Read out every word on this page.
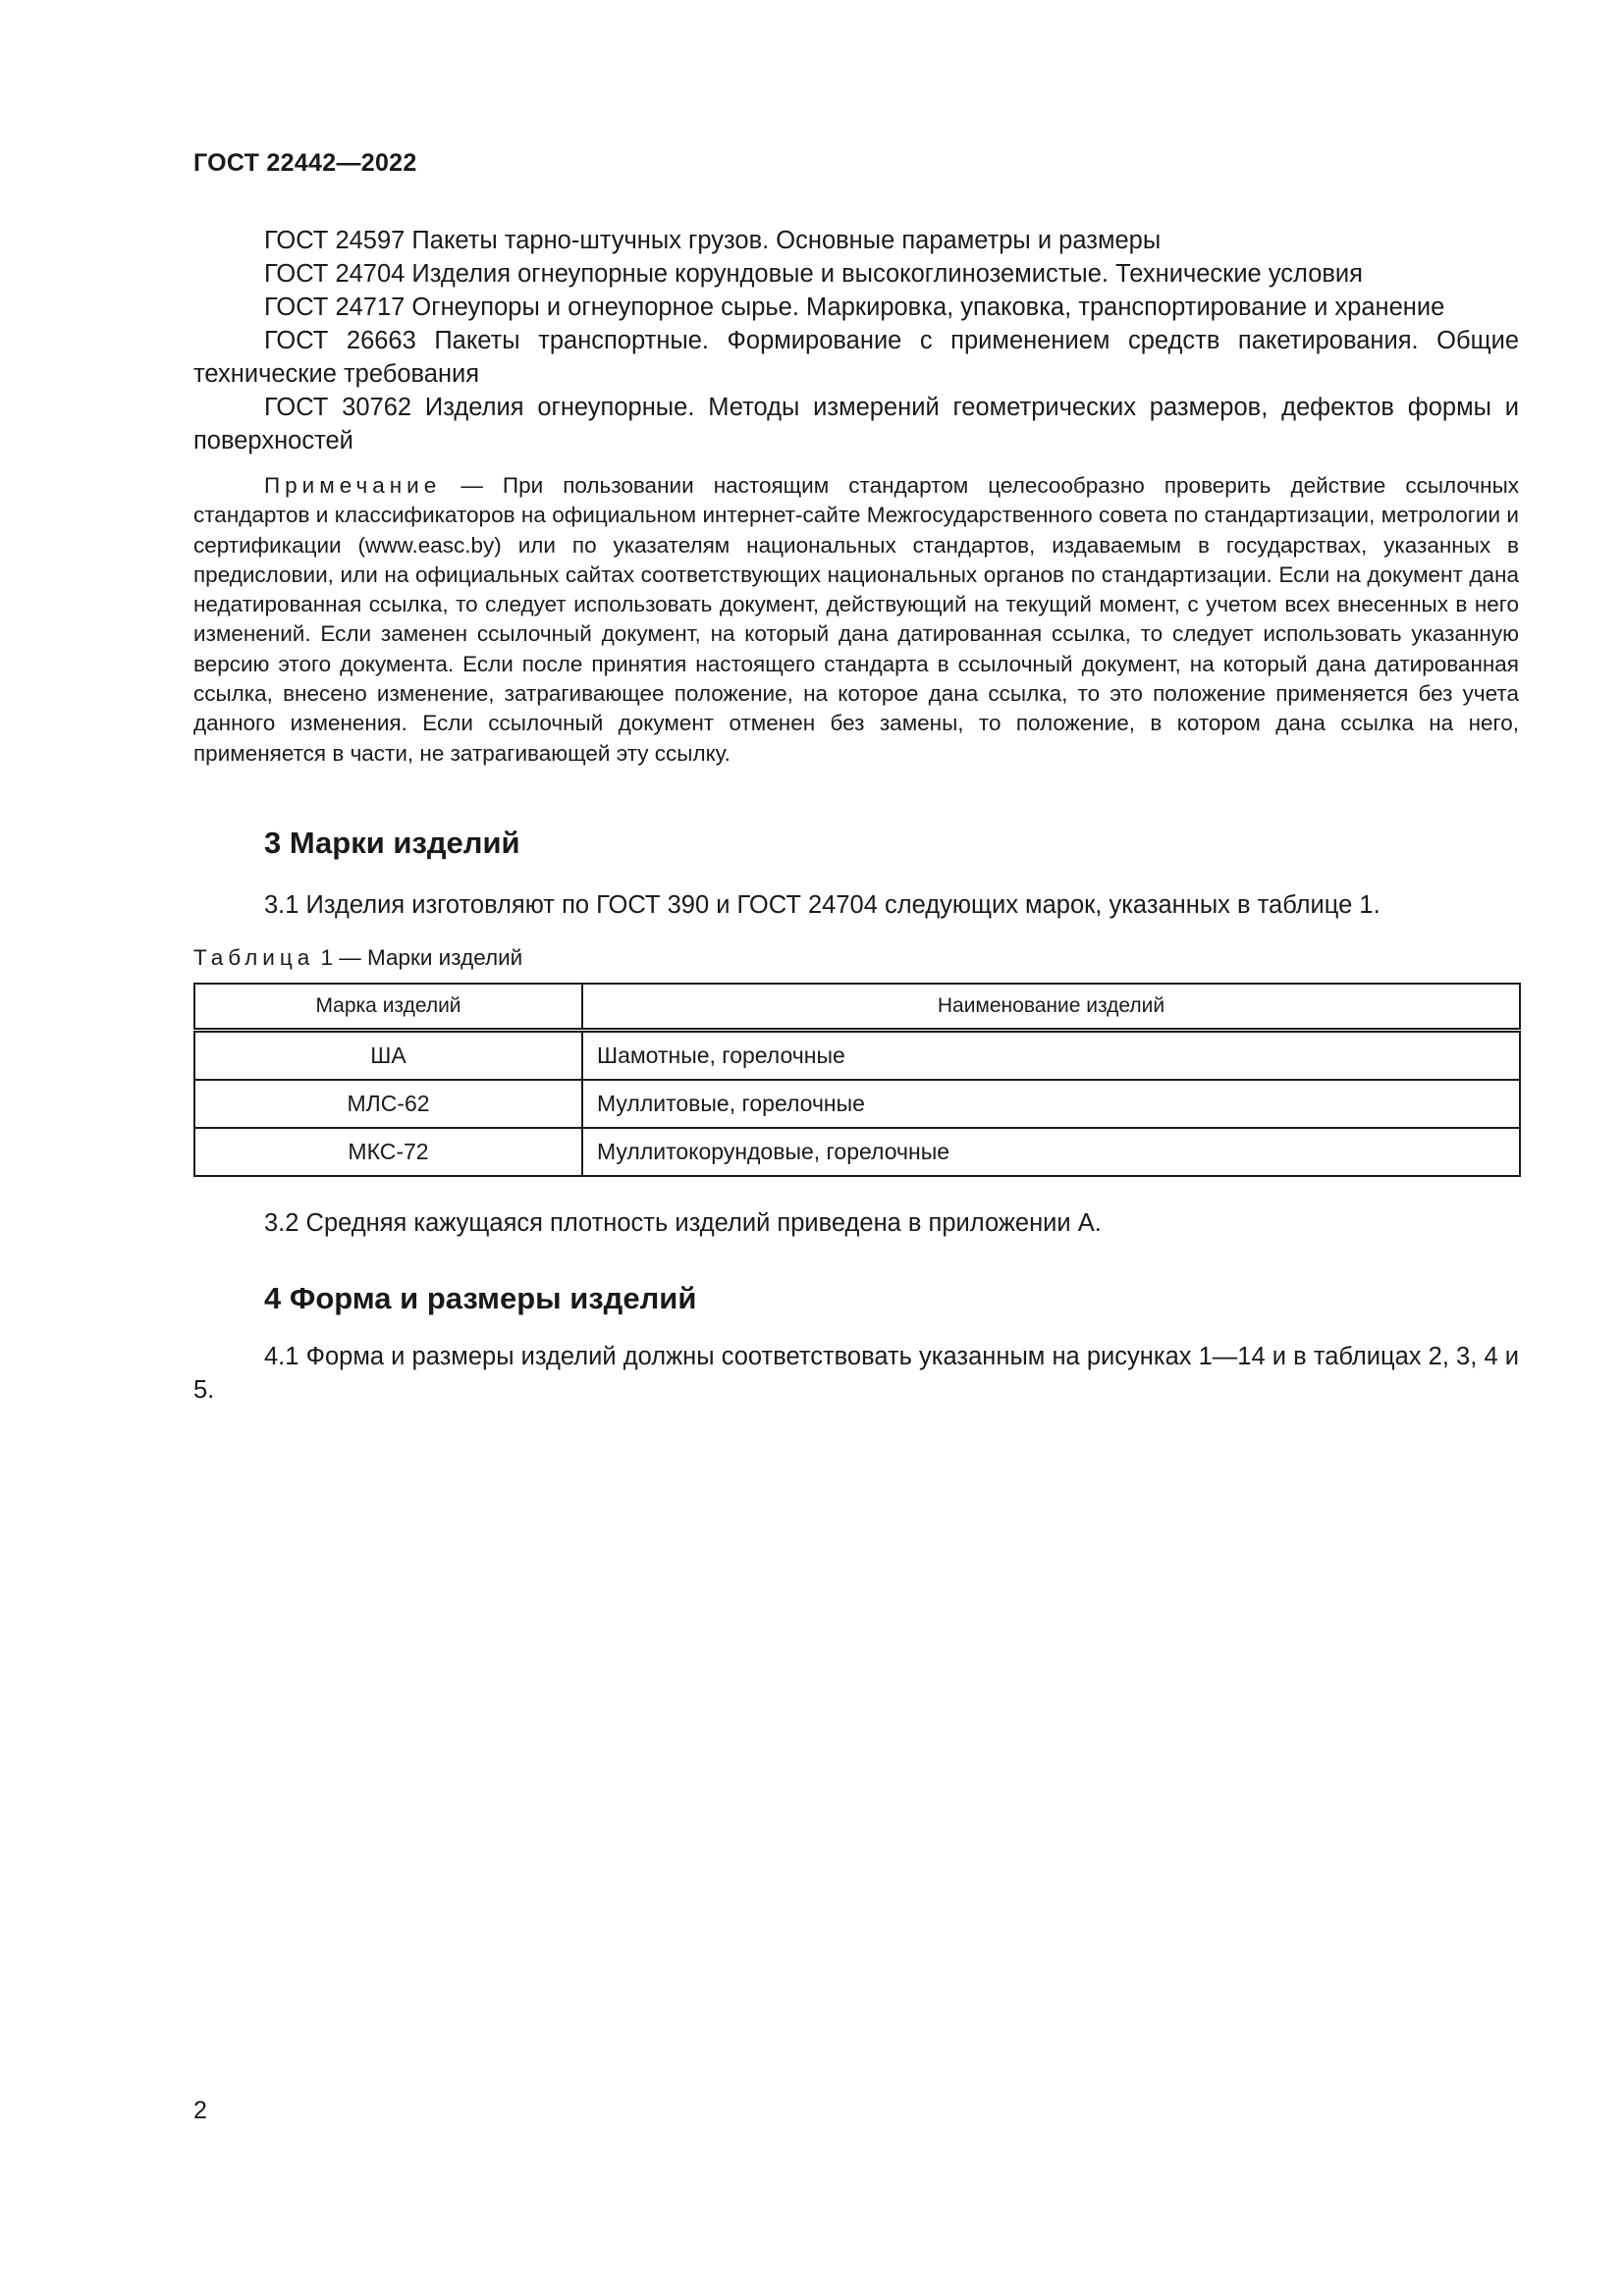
ГОСТ 22442—2022

ГОСТ 24597 Пакеты тарно-штучных грузов. Основные параметры и размеры

ГОСТ 24704 Изделия огнеупорные корундовые и высокоглиноземистые. Технические условия

ГОСТ 24717 Огнеупоры и огнеупорное сырье. Маркировка, упаковка, транспортирование и хранение

ГОСТ 26663 Пакеты транспортные. Формирование с применением средств пакетирования. Общие технические требования

ГОСТ 30762 Изделия огнеупорные. Методы измерений геометрических размеров, дефектов формы и поверхностей

Примечание — При пользовании настоящим стандартом целесообразно проверить действие ссылочных стандартов и классификаторов на официальном интернет-сайте Межгосударственного совета по стандартизации, метрологии и сертификации (www.easc.by) или по указателям национальных стандартов, издаваемым в государствах, указанных в предисловии, или на официальных сайтах соответствующих национальных органов по стандартизации. Если на документ дана недатированная ссылка, то следует использовать документ, действующий на текущий момент, с учетом всех внесенных в него изменений. Если заменен ссылочный документ, на который дана датированная ссылка, то следует использовать указанную версию этого документа. Если после принятия настоящего стандарта в ссылочный документ, на который дана датированная ссылка, внесено изменение, затрагивающее положение, на которое дана ссылка, то это положение применяется без учета данного изменения. Если ссылочный документ отменен без замены, то положение, в котором дана ссылка на него, применяется в части, не затрагивающей эту ссылку.
3 Марки изделий

3.1 Изделия изготовляют по ГОСТ 390 и ГОСТ 24704 следующих марок, указанных в таблице 1.

Таблица 1 — Марки изделий
Марка изделий	Наименование изделий
ША	Шамотные, горелочные
МЛС-62	Муллитовые, горелочные
МКС-72	Муллитокорундовые, горелочные

3.2 Средняя кажущаяся плотность изделий приведена в приложении А.

4 Форма и размеры изделий

4.1 Форма и размеры изделий должны соответствовать указанным на рисунках 1—14 и в таблицах 2, 3, 4 и 5.

2
